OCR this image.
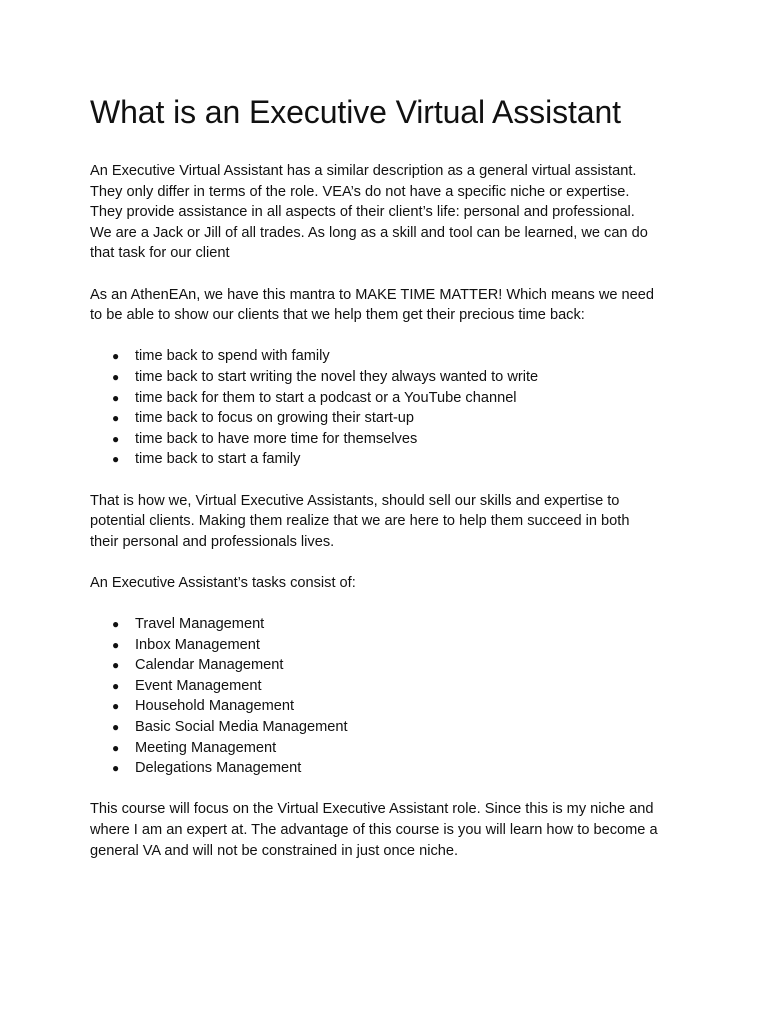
What is an Executive Virtual Assistant
An Executive Virtual Assistant has a similar description as a general virtual assistant.
They only differ in terms of the role. VEA’s do not have a specific niche or expertise.
They provide assistance in all aspects of their client’s life: personal and professional.
We are a Jack or Jill of all trades. As long as a skill and tool can be learned, we can do
that task for our client
As an AthenEAn, we have this mantra to MAKE TIME MATTER! Which means we need
to be able to show our clients that we help them get their precious time back:
● time back to spend with family
● time back to start writing the novel they always wanted to write
● time back for them to start a podcast or a YouTube channel
● time back to focus on growing their start-up
● time back to have more time for themselves
● time back to start a family
That is how we, Virtual Executive Assistants, should sell our skills and expertise to
potential clients. Making them realize that we are here to help them succeed in both
their personal and professionals lives.
An Executive Assistant’s tasks consist of:
● Travel Management
● Inbox Management
● Calendar Management
● Event Management
● Household Management
● Basic Social Media Management
● Meeting Management
● Delegations Management
This course will focus on the Virtual Executive Assistant role. Since this is my niche and
where I am an expert at. The advantage of this course is you will learn how to become a
general VA and will not be constrained in just once niche.
